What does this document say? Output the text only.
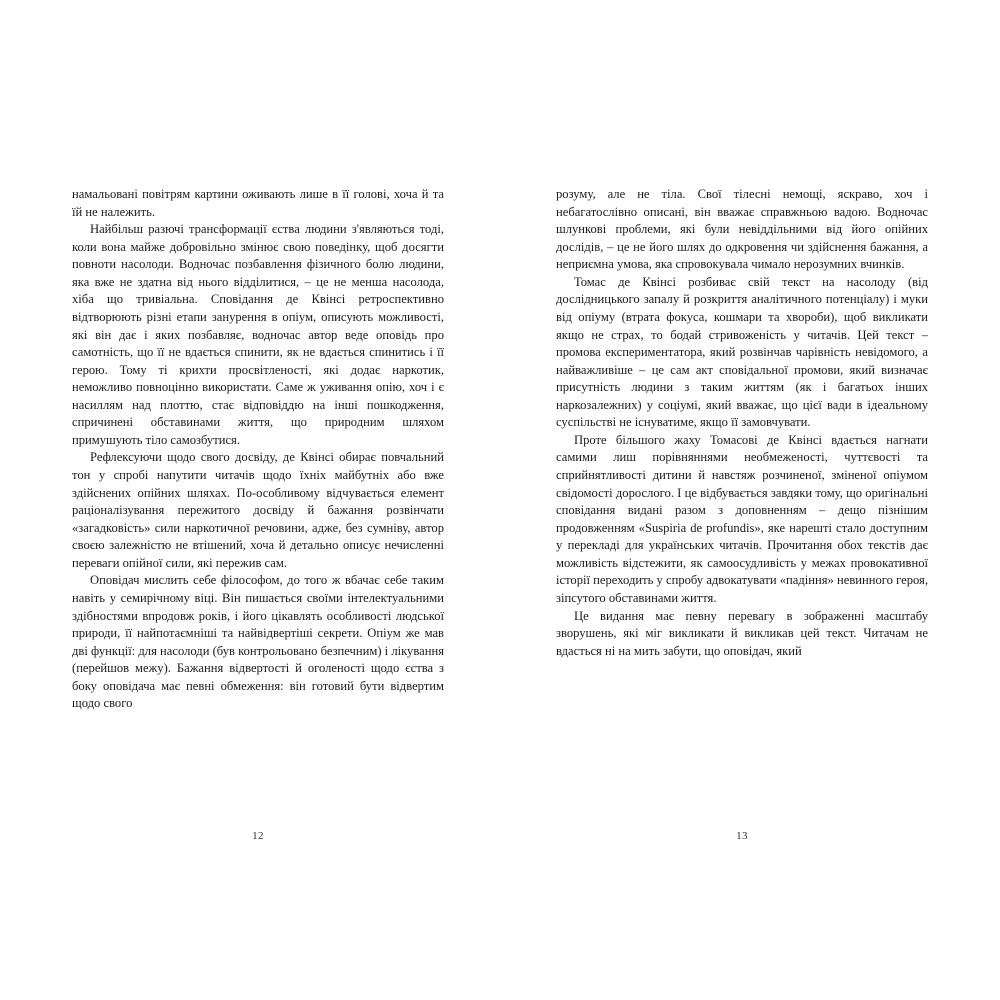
намальовані повітрям картини оживають лише в її голові, хоча й та їй не належить.

Найбільш разючі трансформації єства людини з'являються тоді, коли вона майже добровільно змінює свою поведінку, щоб досягти повноти насолоди. Водночас позбавлення фізичного болю людини, яка вже не здатна від нього відділитися, – це не менша насолода, хіба що тривіальна. Сповідання де Квінсі ретроспективно відтворюють різні етапи занурення в опіум, описують можливості, які він дає і яких позбавляє, водночас автор веде оповідь про самотність, що її не вдається спинити, як не вдається спинитись і її герою. Тому ті крихти просвітленості, які додає наркотик, неможливо повноцінно використати. Саме ж уживання опію, хоч і є насиллям над плоттю, стає відповіддю на інші пошкодження, спричинені обставинами життя, що природним шляхом примушують тіло самозбутися.

Рефлексуючи щодо свого досвіду, де Квінсі обирає повчальний тон у спробі напутити читачів щодо їхніх майбутніх або вже здійснених опійних шляхах. По-особливому відчувається елемент раціоналізування пережитого досвіду й бажання розвінчати «загадковість» сили наркотичної речовини, адже, без сумніву, автор своєю залежністю не втішений, хоча й детально описує нечисленні переваги опійної сили, які пережив сам.

Оповідач мислить себе філософом, до того ж вбачає себе таким навіть у семирічному віці. Він пишається своїми інтелектуальними здібностями впродовж років, і його цікавлять особливості людської природи, її найпотаємніші та найвідвертіші секрети. Опіум же мав дві функції: для насолоди (був контрольовано безпечним) і лікування (перейшов межу). Бажання відвертості й оголеності щодо єства з боку оповідача має певні обмеження: він готовий бути відвертим щодо свого

12

розуму, але не тіла. Свої тілесні немощі, яскраво, хоч і небагатослівно описані, він вважає справжньою вадою. Водночас шлункові проблеми, які були невіддільними від його опійних дослідів, – це не його шлях до одкровення чи здійснення бажання, а неприємна умова, яка спровокувала чимало нерозумних вчинків.

Томас де Квінсі розбиває свій текст на насолоду (від дослідницького запалу й розкриття аналітичного потенціалу) і муки від опіуму (втрата фокуса, кошмари та хвороби), щоб викликати якщо не страх, то бодай стривоженість у читачів. Цей текст – промова експериментатора, який розвінчав чарівність невідомого, а найважливіше – це сам акт сповідальної промови, який визначає присутність людини з таким життям (як і багатьох інших наркозалежних) у соціумі, який вважає, що цієї вади в ідеальному суспільстві не існуватиме, якщо її замовчувати.

Проте більшого жаху Томасові де Квінсі вдається нагнати самими лиш порівняннями необмеженості, чуттєвості та сприйнятливості дитини й навстяж розчиненої, зміненої опіумом свідомості дорослого. І це відбувається завдяки тому, що оригінальні сповідання видані разом з доповненням – дещо пізнішим продовженням «Suspiria de profundis», яке нарешті стало доступним у перекладі для українських читачів. Прочитання обох текстів дає можливість відстежити, як самоосудливість у межах провокативної історії переходить у спробу адвокатувати «падіння» невинного героя, зіпсутого обставинами життя.

Це видання має певну перевагу в зображенні масштабу зворушень, які міг викликати й викликав цей текст. Читачам не вдасться ні на мить забути, що оповідач, який

13
